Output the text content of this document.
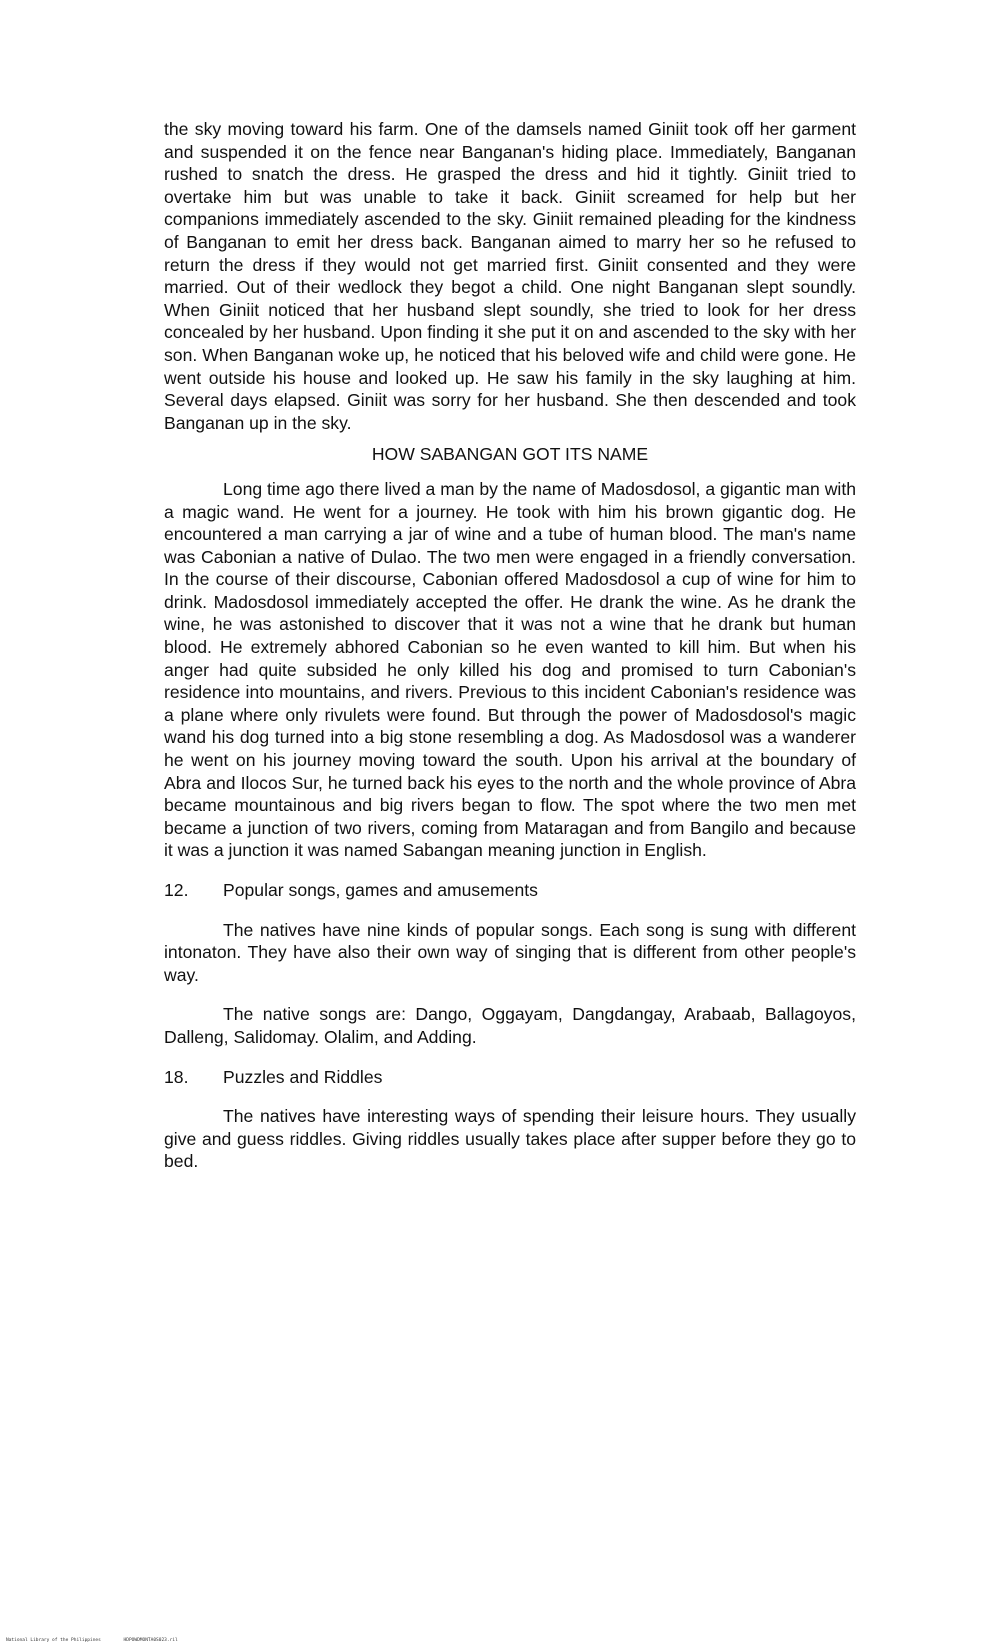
the sky moving toward his farm. One of the damsels named Giniit took off her garment and suspended it on the fence near Banganan's hiding place. Immediately, Banganan rushed to snatch the dress. He grasped the dress and hid it tightly. Giniit tried to overtake him but was unable to take it back. Giniit screamed for help but her companions immediately ascended to the sky. Giniit remained pleading for the kindness of Banganan to emit her dress back. Banganan aimed to marry her so he refused to return the dress if they would not get married first. Giniit consented and they were married. Out of their wedlock they begot a child. One night Banganan slept soundly. When Giniit noticed that her husband slept soundly, she tried to look for her dress concealed by her husband. Upon finding it she put it on and ascended to the sky with her son. When Banganan woke up, he noticed that his beloved wife and child were gone. He went outside his house and looked up. He saw his family in the sky laughing at him. Several days elapsed. Giniit was sorry for her husband. She then descended and took Banganan up in the sky.

HOW SABANGAN GOT ITS NAME

Long time ago there lived a man by the name of Madosdosol, a gigantic man with a magic wand. He went for a journey. He took with him his brown gigantic dog. He encountered a man carrying a jar of wine and a tube of human blood. The man's name was Cabonian a native of Dulao. The two men were engaged in a friendly conversation. In the course of their discourse, Cabonian offered Madosdosol a cup of wine for him to drink. Madosdosol immediately accepted the offer. He drank the wine. As he drank the wine, he was astonished to discover that it was not a wine that he drank but human blood. He extremely abhored Cabonian so he even wanted to kill him. But when his anger had quite subsided he only killed his dog and promised to turn Cabonian's residence into mountains, and rivers. Previous to this incident Cabonian's residence was a plane where only rivulets were found. But through the power of Madosdosol's magic wand his dog turned into a big stone resembling a dog. As Madosdosol was a wanderer he went on his journey moving toward the south. Upon his arrival at the boundary of Abra and Ilocos Sur, he turned back his eyes to the north and the whole province of Abra became mountainous and big rivers began to flow. The spot where the two men met became a junction of two rivers, coming from Mataragan and from Bangilo and because it was a junction it was named Sabangan meaning junction in English.

12.	Popular songs, games and amusements

The natives have nine kinds of popular songs. Each song is sung with different intonaton. They have also their own way of singing that is different from other people's way.

The native songs are: Dango, Oggayam, Dangdangay, Arabaab, Ballagoyos, Dalleng, Salidomay. Olalim, and Adding.

18.	Puzzles and Riddles

The natives have interesting ways of spending their leisure hours. They usually give and guess riddles. Giving riddles usually takes place after supper before they go to bed.

National Library of the Philippines	HDPOWDMONTA0S023.ril
